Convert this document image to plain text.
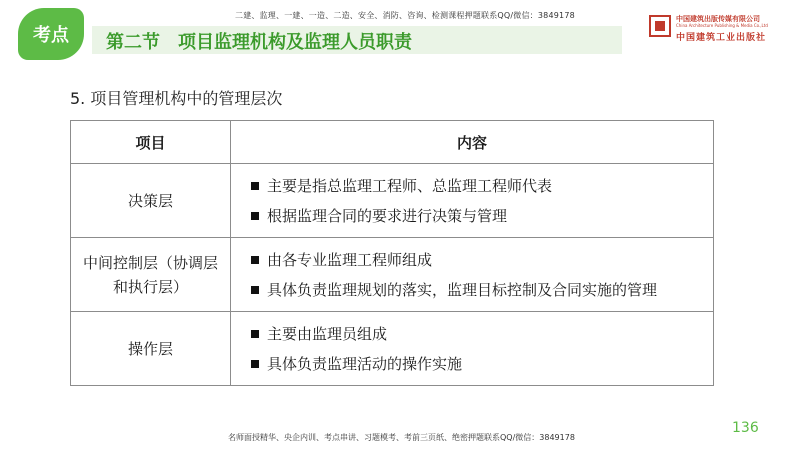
二建、监理、一建、一造、二造、安全、消防、咨询、检测课程押题联系QQ/微信：3849178
考点 第二节　项目监理机构及监理人员职责
中国建筑出版传媒有限公司
China Architecture Publishing & Media Co.,Ltd
中国建筑工业出版社
5. 项目管理机构中的管理层次
项目	内容
决策层	主要是指总监理工程师、总监理工程师代表
根据监理合同的要求进行决策与管理

中间控制层（协调层和执行层）	由各专业监理工程师组成
具体负责监理规划的落实，监理目标控制及合同实施的管理

操作层	主要由监理员组成
具体负责监理活动的操作实施
136
名师面授精华、央企内训、考点串讲、习题模考、考前三页纸、绝密押题联系QQ/微信：3849178
